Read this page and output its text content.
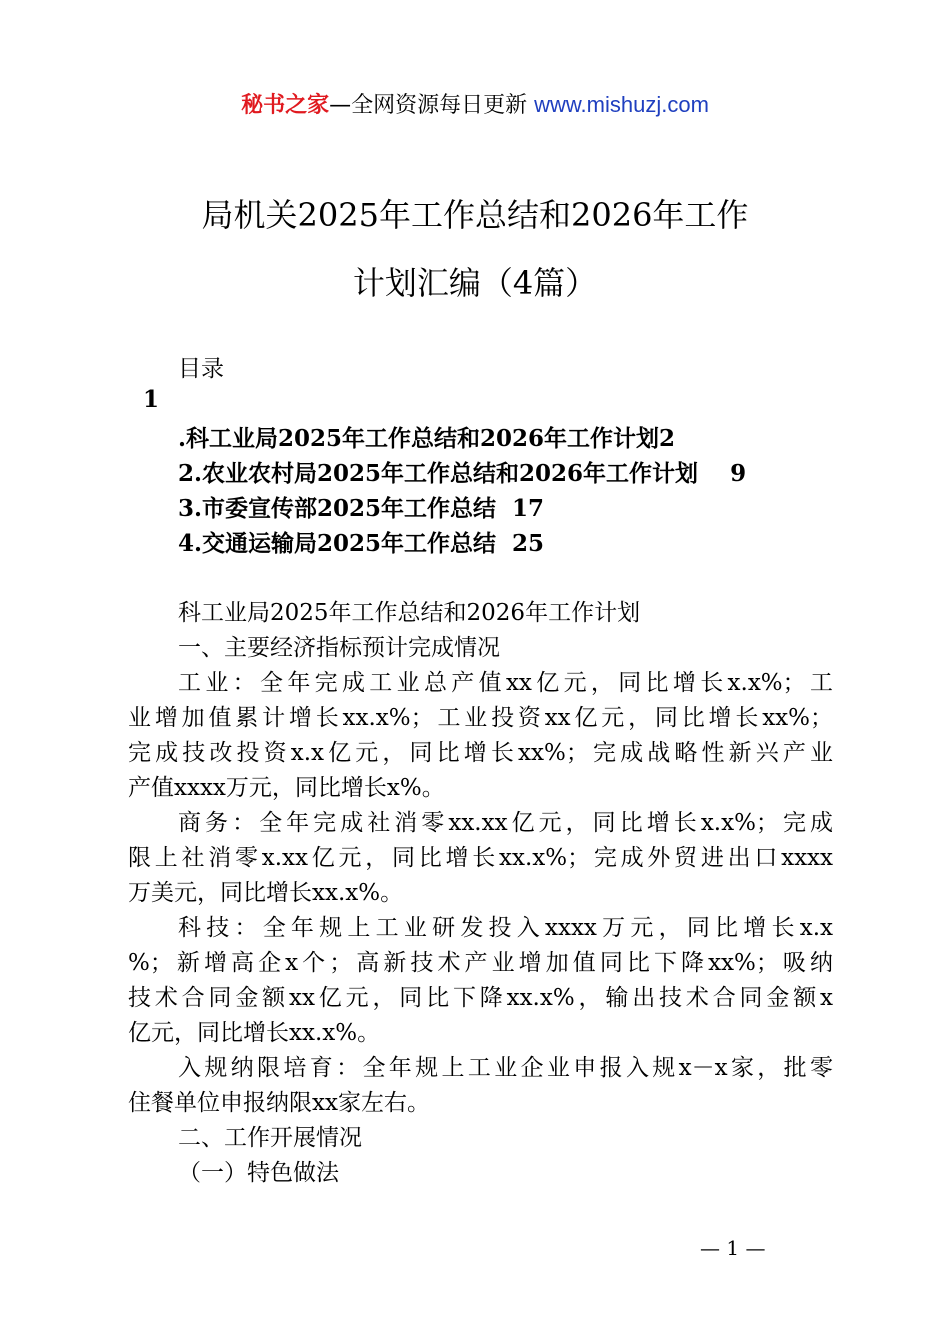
秘书之家—全网资源每日更新 www.mishuzj.com
局机关2025年工作总结和2026年工作
计划汇编（4篇）
目录
1
.科工业局2025年工作总结和2026年工作计划2
2.农业农村局2025年工作总结和2026年工作计划    9
3.市委宣传部2025年工作总结  17
4.交通运输局2025年工作总结  25
科工业局2025年工作总结和2026年工作计划
一、主要经济指标预计完成情况
工业：全年完成工业总产值xx亿元，同比增长x.x%；工
业增加值累计增长xx.x%；工业投资xx亿元，同比增长xx%；
完成技改投资x.x亿元，同比增长xx%；完成战略性新兴产业
产值xxxx万元，同比增长x%。
商务：全年完成社消零xx.xx亿元，同比增长x.x%；完成
限上社消零x.xx亿元，同比增长xx.x%；完成外贸进出口xxxx
万美元，同比增长xx.x%。
科技：全年规上工业研发投入xxxx万元，同比增长x.x
%；新增高企x个；高新技术产业增加值同比下降xx%；吸纳
技术合同金额xx亿元，同比下降xx.x%，输出技术合同金额x
亿元，同比增长xx.x%。
入规纳限培育：全年规上工业企业申报入规x－x家，批零
住餐单位申报纳限xx家左右。
二、工作开展情况
（一）特色做法
— 1 —
